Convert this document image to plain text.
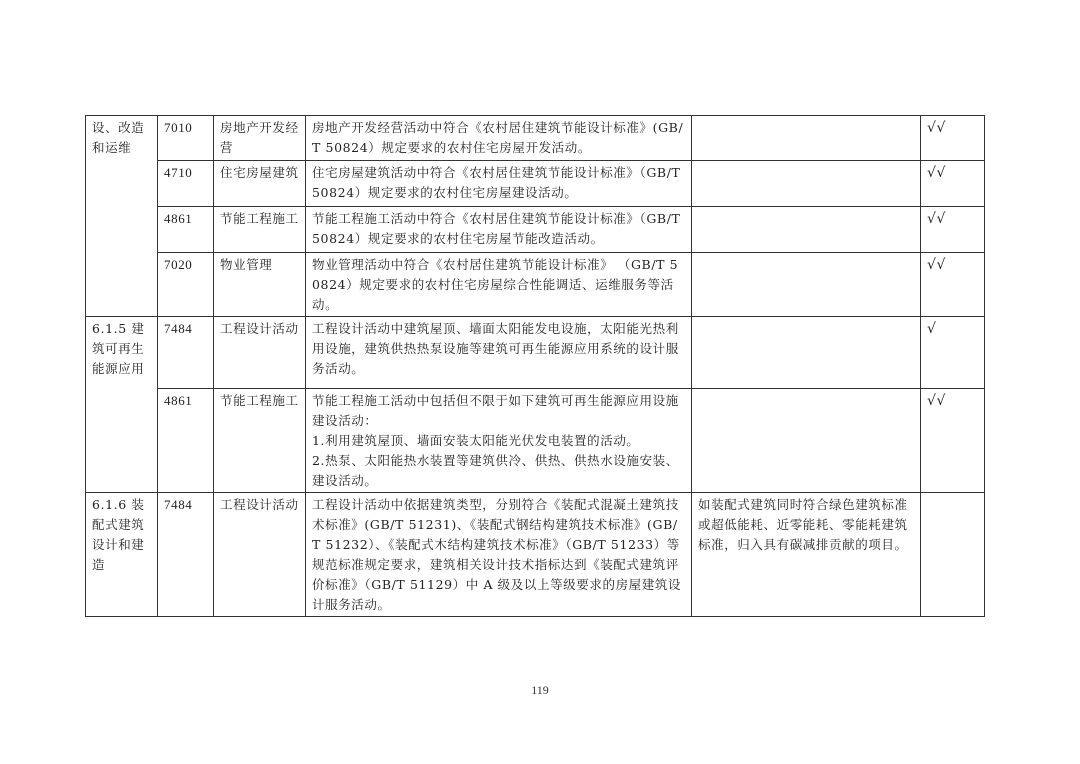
设、改造和运维	7010	房地产开发经营	房地产开发经营活动中符合《农村居住建筑节能设计标准》(GB/T 50824）规定要求的农村住宅房屋开发活动。		√√
	4710	住宅房屋建筑	住宅房屋建筑活动中符合《农村居住建筑节能设计标准》（GB/T 50824）规定要求的农村住宅房屋建设活动。		√√
	4861	节能工程施工	节能工程施工活动中符合《农村居住建筑节能设计标准》（GB/T 50824）规定要求的农村住宅房屋节能改造活动。		√√
	7020	物业管理	物业管理活动中符合《农村居住建筑节能设计标准》 （GB/T 50824）规定要求的农村住宅房屋综合性能调适、运维服务等活动。		√√
6.1.5 建筑可再生能源应用	7484	工程设计活动	工程设计活动中建筑屋顶、墙面太阳能发电设施，太阳能光热利用设施，建筑供热热泵设施等建筑可再生能源应用系统的设计服务活动。		√
	4861	节能工程施工	节能工程施工活动中包括但不限于如下建筑可再生能源应用设施建设活动：
1.利用建筑屋顶、墙面安装太阳能光伏发电装置的活动。
2.热泵、太阳能热水装置等建筑供冷、供热、供热水设施安装、建设活动。		√√
6.1.6 装配式建筑设计和建造	7484	工程设计活动	工程设计活动中依据建筑类型，分别符合《装配式混凝土建筑技术标准》(GB/T 51231)、《装配式钢结构建筑技术标准》(GB/T 51232）、《装配式木结构建筑技术标准》（GB/T 51233）等规范标准规定要求，建筑相关设计技术指标达到《装配式建筑评价标准》（GB/T 51129）中 A 级及以上等级要求的房屋建筑设计服务活动。	如装配式建筑同时符合绿色建筑标准或超低能耗、近零能耗、零能耗建筑标准，归入具有碳减排贡献的项目。	
119
